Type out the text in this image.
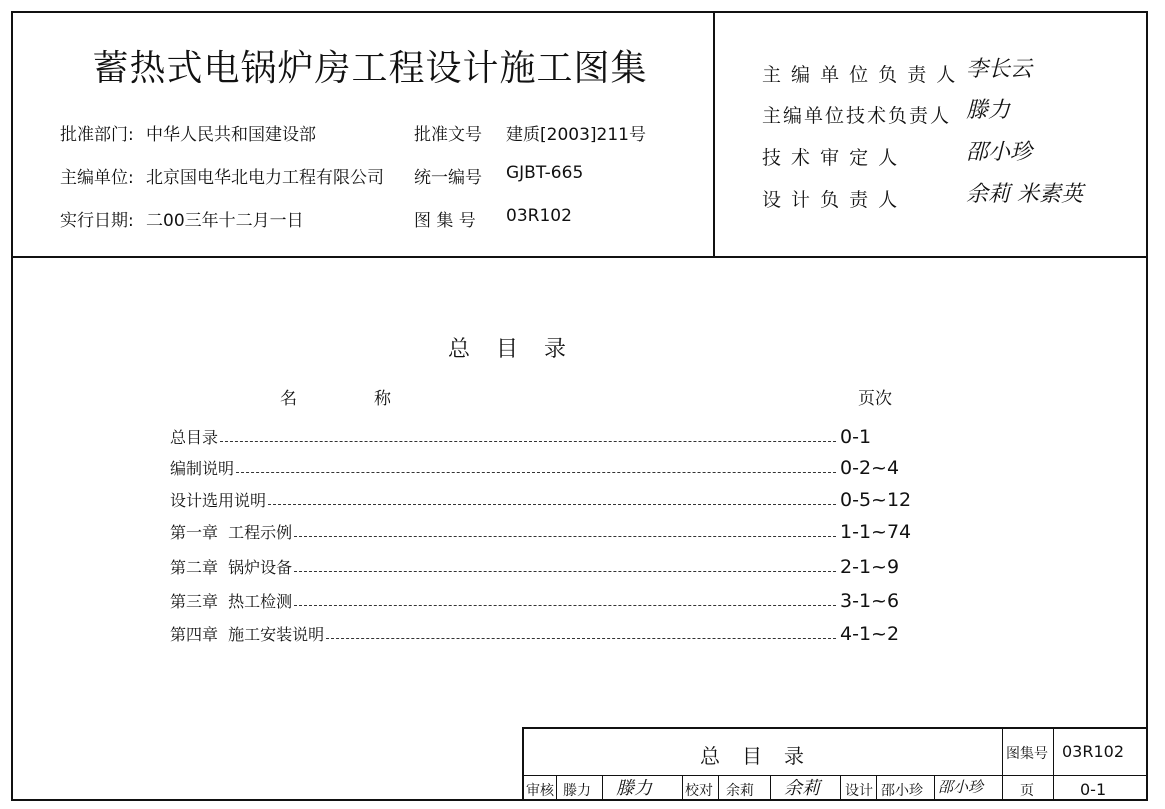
蓄热式电锅炉房工程设计施工图集
批准部门: 中华人民共和国建设部	批准文号 建质[2003]211号
主编单位: 北京国电华北电力工程有限公司 统一编号 GJBT-665
实行日期: 二00三年十二月一日	图 集 号 03R102
主 编 单 位 负 责 人 李长云
主编单位技术负责人 滕力
技 术 审 定 人	邵小珍
设 计 负 责 人	余莉 米素英
总目录
名　称	页次
总目录	0-1
编制说明	0-2~4
设计选用说明	0-5~12
第一章  工程示例	1-1~74
第二章  锅炉设备	2-1~9
第三章  热工检测	3-1~6
第四章  施工安装说明	4-1~2
总目录	图集号 03R102
审核 滕力 滕力 校对 余莉 余莉 设计 邵小珍 邵小珍	页	0-1
